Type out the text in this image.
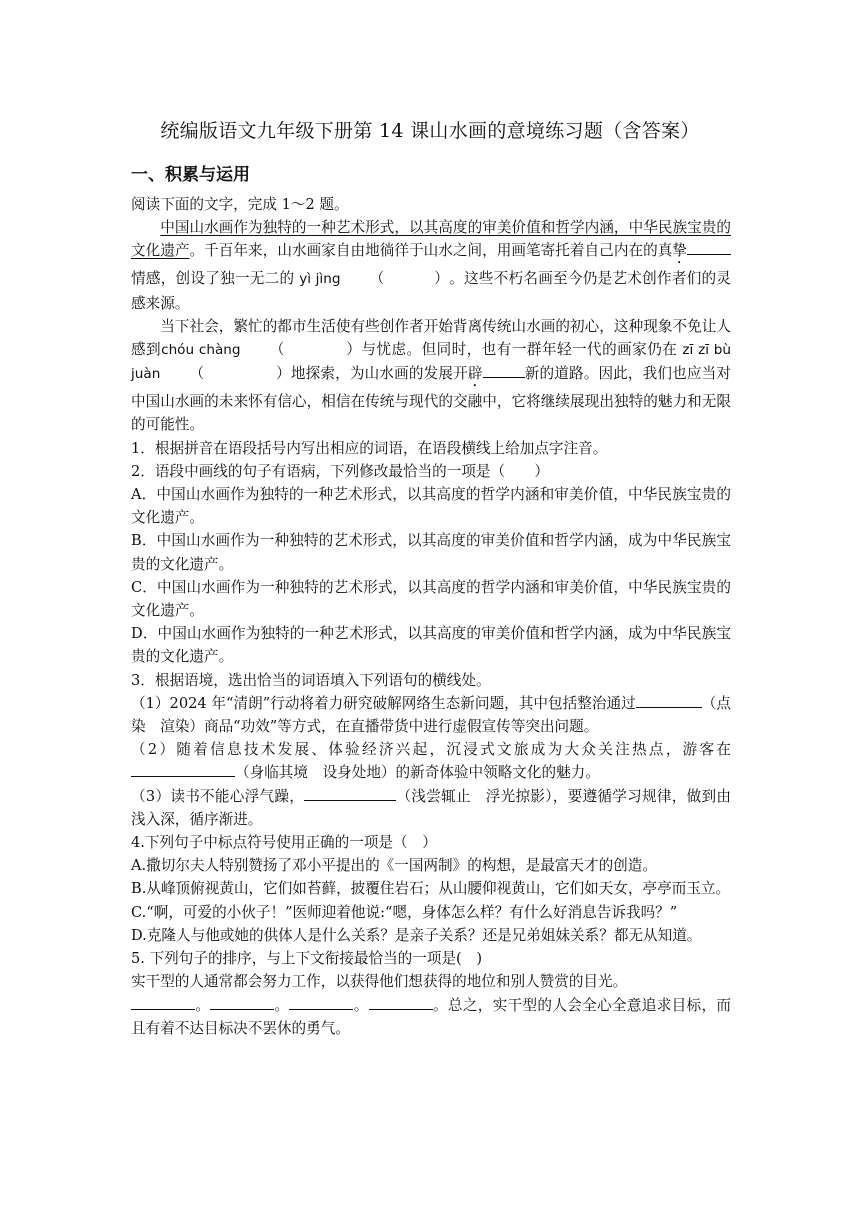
统编版语文九年级下册第 14 课山水画的意境练习题（含答案）
一、积累与运用

阅读下面的文字，完成 1～2 题。

中国山水画作为独特的一种艺术形式，以其高度的审美价值和哲学内涵，中华民族宝贵的文化遗产。千百年来，山水画家自由地徜徉于山水之间，用画笔寄托着自己内在的真挚情感，创设了独一无二的 yì jìng （	）。这些不朽名画至今仍是艺术创作者们的灵感来源。

当下社会，繁忙的都市生活使有些创作者开始背离传统山水画的初心，这种现象不免让人感到chóu chàng （	）与忧虑。但同时，也有一群年轻一代的画家仍在 zī zī bù juàn （	）地探索，为山水画的发展开辟	新的道路。因此，我们也应当对中国山水画的未来怀有信心，相信在传统与现代的交融中，它将继续展现出独特的魅力和无限的可能性。

1．根据拼音在语段括号内写出相应的词语，在语段横线上给加点字注音。

2．语段中画线的句子有语病，下列修改最恰当的一项是（　　）

A．中国山水画作为独特的一种艺术形式，以其高度的哲学内涵和审美价值，中华民族宝贵的文化遗产。

B．中国山水画作为一种独特的艺术形式，以其高度的审美价值和哲学内涵，成为中华民族宝贵的文化遗产。

C．中国山水画作为一种独特的艺术形式，以其高度的哲学内涵和审美价值，中华民族宝贵的文化遗产。

D．中国山水画作为独特的一种艺术形式，以其高度的审美价值和哲学内涵，成为中华民族宝贵的文化遗产。

3．根据语境，选出恰当的词语填入下列语句的横线处。

（1）2024 年“清朗”行动将着力研究破解网络生态新问题，其中包括整治通过	（点染　渲染）商品“功效”等方式，在直播带货中进行虚假宣传等突出问题。

（2）随着信息技术发展、体验经济兴起，沉浸式文旅成为大众关注热点，游客在（身临其境　设身处地）的新奇体验中领略文化的魅力。

（3）读书不能心浮气躁，	（浅尝辄止　浮光掠影），要遵循学习规律，做到由浅入深，循序渐进。

4.下列句子中标点符号使用正确的一项是（　）

A.撒切尔夫人特别赞扬了邓小平提出的《一国两制》的构想，是最富天才的创造。

B.从峰顶俯视黄山，它们如苔藓，披覆住岩石；从山腰仰视黄山，它们如天女，亭亭而玉立。

C.“啊，可爱的小伙子！”医师迎着他说:“嗯，身体怎么样？有什么好消息告诉我吗？”

D.克隆人与他或她的供体人是什么关系？是亲子关系？还是兄弟姐妹关系？都无从知道。

5. 下列句子的排序，与上下文衔接最恰当的一项是(　)

实干型的人通常都会努力工作，以获得他们想获得的地位和别人赞赏的目光。

。	。	。	。总之，实干型的人会全心全意追求目标，而且有着不达目标决不罢休的勇气。
